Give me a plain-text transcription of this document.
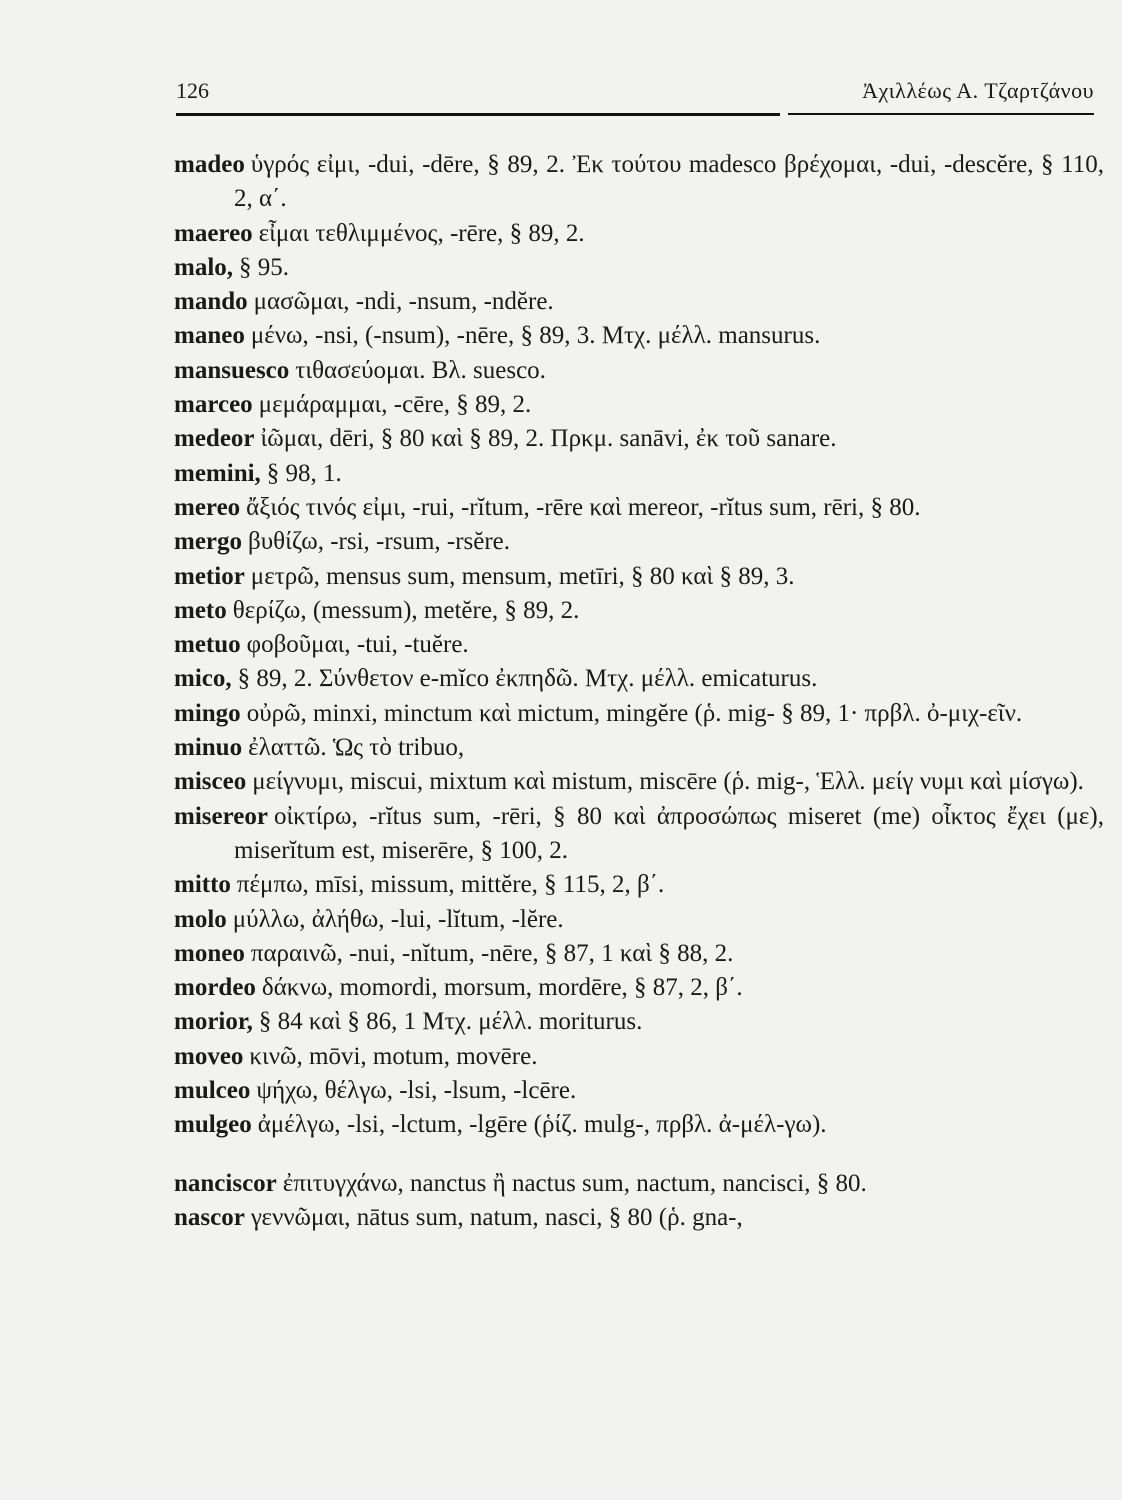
126	Ἀχιλλέως Α. Τζαρτζάνου
madeo ὑγρός εἰμι, -dui, -dēre, § 89, 2. Ἐκ τούτου madesco βρέχομαι, -dui, -descĕre, § 110, 2, α΄.
maereo εἶμαι τεθλιμμένος, -rēre, § 89, 2.
malo, § 95.
mando μασῶμαι, -ndi, -nsum, -ndĕre.
maneo μένω, -nsi, (-nsum), -nēre, § 89, 3. Μτχ. μέλλ. mansurus.
mansuesco τιθασεύομαι. Βλ. suesco.
marceo μεμάραμμαι, -cēre, § 89, 2.
medeor ἰῶμαι, dēri, § 80 καὶ § 89, 2. Πρκμ. sanāvi, ἐκ τοῦ sanare.
memini, § 98, 1.
mereo ἄξιός τινός εἰμι, -rui, -rĭtum, -rēre καὶ mereor, -rĭtus sum, rēri, § 80.
mergo βυθίζω, -rsi, -rsum, -rsĕre.
metior μετρῶ, mensus sum, mensum, metīri, § 80 καὶ § 89, 3.
meto θερίζω, (messum), metĕre, § 89, 2.
metuo φοβοῦμαι, -tui, -tuĕre.
mico, § 89, 2. Σύνθετον e-mĭco ἐκπηδῶ. Μτχ. μέλλ. emicaturus.
mingo οὐρῶ, minxi, minctum καὶ mictum, mingĕre (ῥ. mig- § 89, 1· πρβλ. ὀ-μιχ-εῖν.
minuo ἐλαττῶ. Ὡς τὸ tribuo,
misceo μείγνυμι, miscui, mixtum καὶ mistum, miscēre (ῥ. mig-, Ἑλλ. μείγ νυμι καὶ μίσγω).
misereor οἰκτίρω, -rĭtus sum, -rēri, § 80 καὶ ἀπροσώπως miseret (me) οἶκτος ἔχει (με), miserĭtum est, miserēre, § 100, 2.
mitto πέμπω, mīsi, missum, mittĕre, § 115, 2, β΄.
molo μύλλω, ἀλήθω, -lui, -lĭtum, -lĕre.
moneo παραινῶ, -nui, -nĭtum, -nēre, § 87, 1 καὶ § 88, 2.
mordeo δάκνω, momordi, morsum, mordēre, § 87, 2, β΄.
morior, § 84 καὶ § 86, 1 Μτχ. μέλλ. moriturus.
moveo κινῶ, mōvi, motum, movēre.
mulceo ψήχω, θέλγω, -lsi, -lsum, -lcēre.
mulgeo ἀμέλγω, -lsi, -lctum, -lgēre (ῥίζ. mulg-, πρβλ. ἀ-μέλ-γω).
nanciscor ἐπιτυγχάνω, nanctus ἢ nactus sum, nactum, nancisci, § 80.
nascor γεννῶμαι, nātus sum, natum, nasci, § 80 (ῥ. gna-,
